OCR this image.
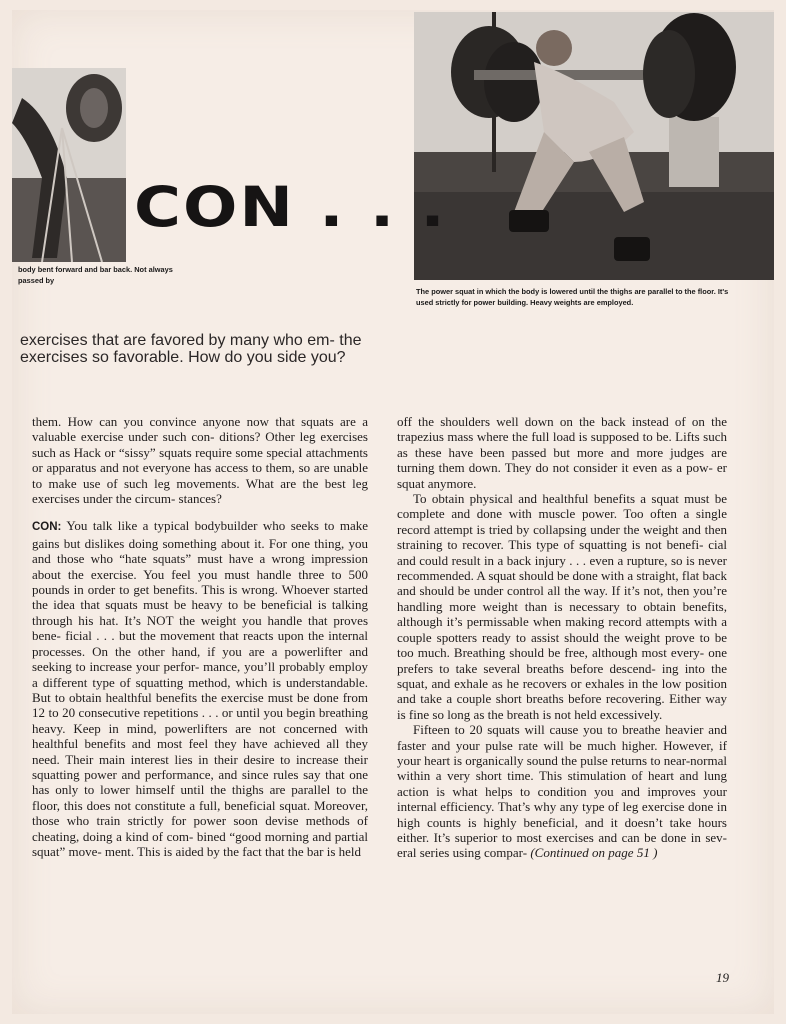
body bent forward and bar back. Not always passed by
CON . . .
The power squat in which the body is lowered until the thighs are parallel to the floor. It's used strictly for power building. Heavy weights are employed.
exercises that are favored by many who em- the exercises so favorable. How do you side you?

them. How can you convince anyone now that squats are a valuable exercise under such con- ditions? Other leg exercises such as Hack or “sissy” squats require some special attachments or apparatus and not everyone has access to them, so are unable to make use of such leg movements. What are the best leg exercises under the circum- stances?

CON: You talk like a typical bodybuilder who seeks to make gains but dislikes doing something about it. For one thing, you and those who “hate squats” must have a wrong impression about the exercise. You feel you must handle three to 500 pounds in order to get benefits. This is wrong. Whoever started the idea that squats must be heavy to be beneficial is talking through his hat. It’s NOT the weight you handle that proves bene- ficial . . . but the movement that reacts upon the internal processes. On the other hand, if you are a powerlifter and seeking to increase your perfor- mance, you’ll probably employ a different type of squatting method, which is understandable. But to obtain healthful benefits the exercise must be done from 12 to 20 consecutive repetitions . . . or until you begin breathing heavy. Keep in mind, powerlifters are not concerned with healthful benefits and most feel they have achieved all they need. Their main interest lies in their desire to increase their squatting power and performance, and since rules say that one has only to lower himself until the thighs are parallel to the floor, this does not constitute a full, beneficial squat. Moreover, those who train strictly for power soon devise methods of cheating, doing a kind of com- bined “good morning and partial squat” move- ment. This is aided by the fact that the bar is held

off the shoulders well down on the back instead of on the trapezius mass where the full load is supposed to be. Lifts such as these have been passed but more and more judges are turning them down. They do not consider it even as a pow- er squat anymore.

To obtain physical and healthful benefits a squat must be complete and done with muscle power. Too often a single record attempt is tried by collapsing under the weight and then straining to recover. This type of squatting is not benefi- cial and could result in a back injury . . . even a rupture, so is never recommended. A squat should be done with a straight, flat back and should be under control all the way. If it’s not, then you’re handling more weight than is necessary to obtain benefits, although it’s permissable when making record attempts with a couple spotters ready to assist should the weight prove to be too much. Breathing should be free, although most every- one prefers to take several breaths before descend- ing into the squat, and exhale as he recovers or exhales in the low position and take a couple short breaths before recovering. Either way is fine so long as the breath is not held excessively.

Fifteen to 20 squats will cause you to breathe heavier and faster and your pulse rate will be much higher. However, if your heart is organically sound the pulse returns to near-normal within a very short time. This stimulation of heart and lung action is what helps to condition you and improves your internal efficiency. That’s why any type of leg exercise done in high counts is highly beneficial, and it doesn’t take hours either. It’s superior to most exercises and can be done in sev- eral series using compar- (Continued on page 51 )

19
